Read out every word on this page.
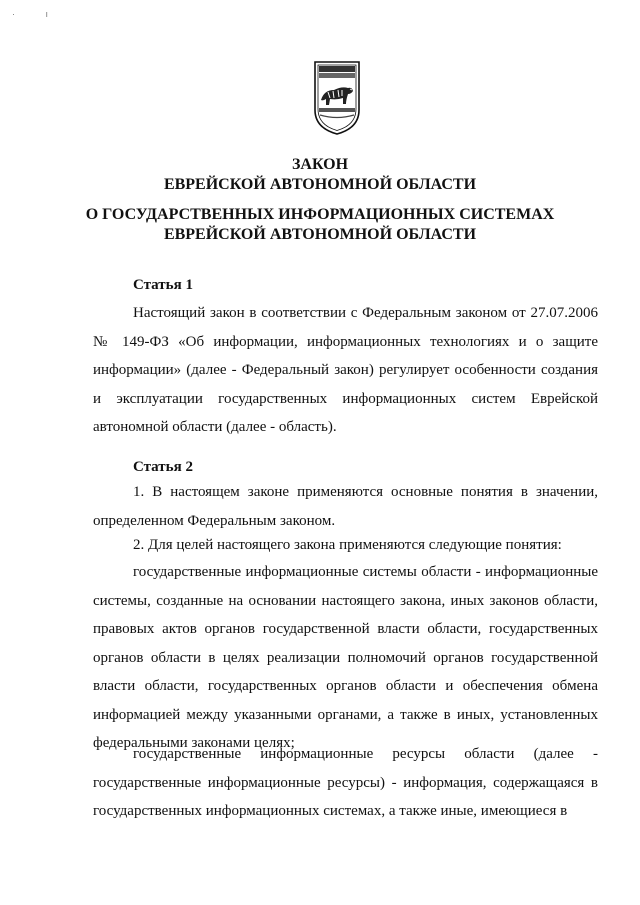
· ı
ЗАКОН
ЕВРЕЙСКОЙ АВТОНОМНОЙ ОБЛАСТИ
О ГОСУДАРСТВЕННЫХ ИНФОРМАЦИОННЫХ СИСТЕМАХ
ЕВРЕЙСКОЙ АВТОНОМНОЙ ОБЛАСТИ
Статья 1

Настоящий закон в соответствии с Федеральным законом от 27.07.2006 № 149-ФЗ «Об информации, информационных технологиях и о защите информации» (далее - Федеральный закон) регулирует особенности создания и эксплуатации государственных информационных систем Еврейской автономной области (далее - область).

Статья 2

1. В настоящем законе применяются основные понятия в значении, определенном Федеральным законом.

2. Для целей настоящего закона применяются следующие понятия:

государственные информационные системы области - информационные системы, созданные на основании настоящего закона, иных законов области, правовых актов органов государственной власти области, государственных органов области в целях реализации полномочий органов государственной власти области, государственных органов области и обеспечения обмена информацией между указанными органами, а также в иных, установленных федеральными законами целях;

государственные информационные ресурсы области (далее - государственные информационные ресурсы) - информация, содержащаяся в государственных информационных системах, а также иные, имеющиеся в
